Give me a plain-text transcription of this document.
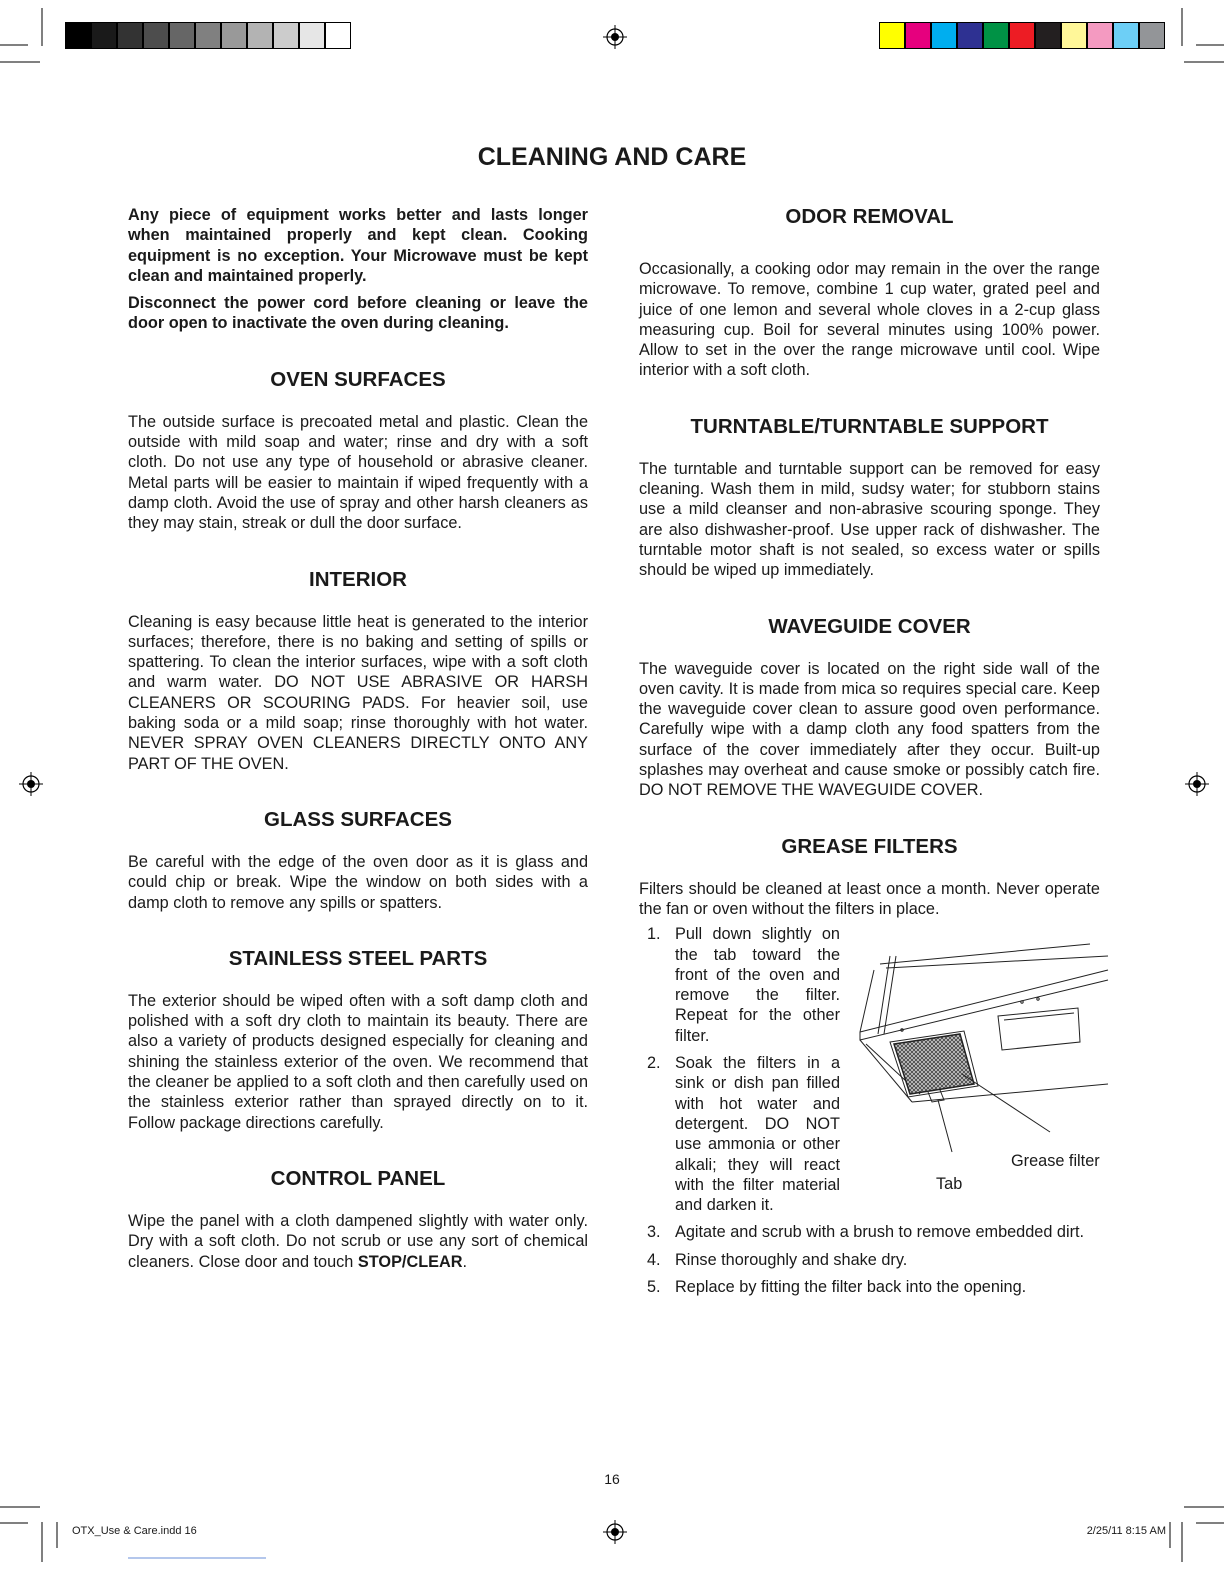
CLEANING AND CARE

Any piece of equipment works better and lasts longer when maintained properly and kept clean. Cooking equipment is no exception. Your Microwave must be kept clean and maintained properly.

Disconnect the power cord before cleaning or leave the door open to inactivate the oven during cleaning.

OVEN SURFACES

The outside surface is precoated metal and plastic. Clean the outside with mild soap and water; rinse and dry with a soft cloth. Do not use any type of household or abrasive cleaner. Metal parts will be easier to maintain if wiped frequently with a damp cloth. Avoid the use of spray and other harsh cleaners as they may stain, streak or dull the door surface.

INTERIOR

Cleaning is easy because little heat is generated to the interior surfaces; therefore, there is no baking and setting of spills or spattering. To clean the interior surfaces, wipe with a soft cloth and warm water. DO NOT USE ABRASIVE OR HARSH CLEANERS OR SCOURING PADS. For heavier soil, use baking soda or a mild soap; rinse thoroughly with hot water. NEVER SPRAY OVEN CLEANERS DIRECTLY ONTO ANY PART OF THE OVEN.

GLASS SURFACES

Be careful with the edge of the oven door as it is glass and could chip or break. Wipe the window on both sides with a damp cloth to remove any spills or spatters.

STAINLESS STEEL PARTS

The exterior should be wiped often with a soft damp cloth and polished with a soft dry cloth to maintain its beauty. There are also a variety of products designed especially for cleaning and shining the stainless exterior of the oven. We recommend that the cleaner be applied to a soft cloth and then carefully used on the stainless exterior rather than sprayed directly on to it. Follow package directions carefully.

CONTROL PANEL

Wipe the panel with a cloth dampened slightly with water only. Dry with a soft cloth. Do not scrub or use any sort of chemical cleaners. Close door and touch STOP/CLEAR.

ODOR REMOVAL

Occasionally, a cooking odor may remain in the over the range microwave. To remove, combine 1 cup water, grated peel and juice of one lemon and several whole cloves in a 2-cup glass measuring cup. Boil for several minutes using 100% power. Allow to set in the over the range microwave until cool. Wipe interior with a soft cloth.

TURNTABLE/TURNTABLE SUPPORT

The turntable and turntable support can be removed for easy cleaning. Wash them in mild, sudsy water; for stubborn stains use a mild cleanser and non-abrasive scouring sponge. They are also dishwasher-proof. Use upper rack of dishwasher. The turntable motor shaft is not sealed, so excess water or spills should be wiped up immediately.

WAVEGUIDE COVER

The waveguide cover is located on the right side wall of the oven cavity. It is made from mica so requires special care. Keep the waveguide cover clean to assure good oven performance. Carefully wipe with a damp cloth any food spatters from the surface of the cover immediately after they occur. Built-up splashes may overheat and cause smoke or possibly catch fire. DO NOT REMOVE THE WAVEGUIDE COVER.

GREASE FILTERS

Filters should be cleaned at least once a month. Never operate the fan or oven without the filters in place.

1. Pull down slightly on the tab toward the front of the oven and remove the filter. Repeat for the other filter.
2. Soak the filters in a sink or dish pan filled with hot water and detergent. DO NOT use ammonia or other alkali; they will react with the filter material and darken it.
3. Agitate and scrub with a brush to remove embedded dirt.
4. Rinse thoroughly and shake dry.
5. Replace by fitting the filter back into the opening.
Grease filter
Tab
16
OTX_Use & Care.indd 16	2/25/11 8:15 AM
